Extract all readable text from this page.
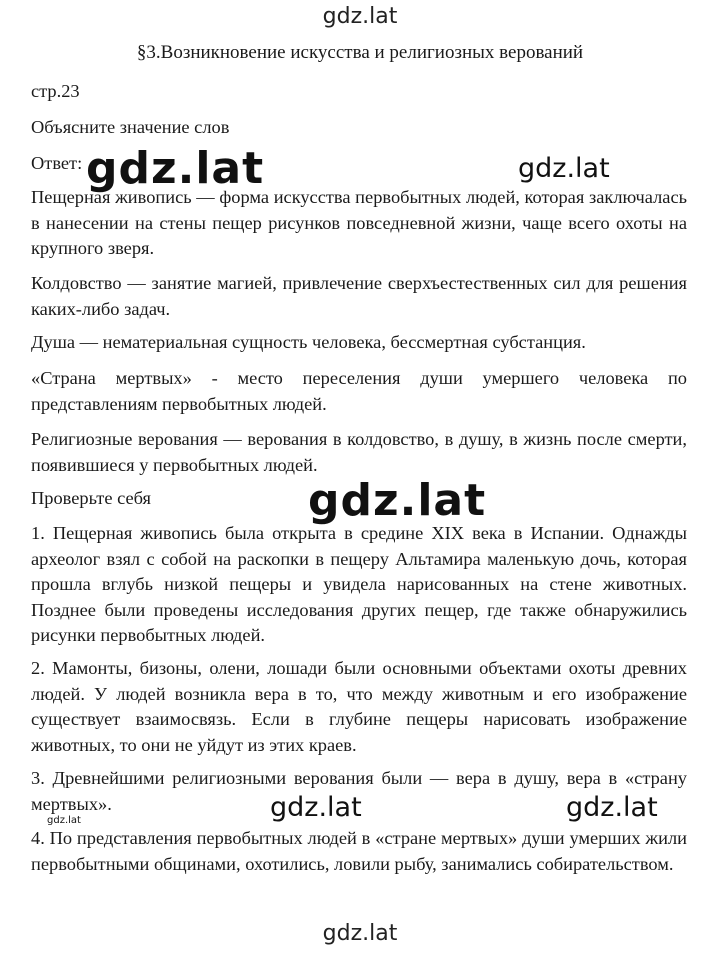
gdz.lat
§3.Возникновение искусства и религиозных верований
стр.23
Объясните значение слов
Ответ:
Пещерная живопись — форма искусства первобытных людей, которая заключалась в нанесении на стены пещер рисунков повседневной жизни, чаще всего охоты на крупного зверя.
Колдовство — занятие магией, привлечение сверхъестественных сил для решения каких-либо задач.
Душа — нематериальная сущность человека, бессмертная субстанция.
«Страна мертвых» - место переселения души умершего человека по представлениям первобытных людей.
Религиозные верования — верования в колдовство, в душу, в жизнь после смерти, появившиеся у первобытных людей.
Проверьте себя
1. Пещерная живопись была открыта в средине XIX века в Испании. Однажды археолог взял с собой на раскопки в пещеру Альтамира маленькую дочь, которая прошла вглубь низкой пещеры и увидела нарисованных на стене животных. Позднее были проведены исследования других пещер, где также обнаружились рисунки первобытных людей.
2. Мамонты, бизоны, олени, лошади были основными объектами охоты древних людей. У людей возникла вера в то, что между животным и его изображение существует взаимосвязь. Если в глубине пещеры нарисовать изображение животных, то они не уйдут из этих краев.
3. Древнейшими религиозными верования были — вера в душу, вера в «страну мертвых».
4. По представления первобытных людей в «стране мертвых» души умерших жили первобытными общинами, охотились, ловили рыбу, занимались собирательством.
gdz.lat	gdz.lat
gdz.lat
gdz.lat	gdz.lat
gdz.lat
gdz.lat
